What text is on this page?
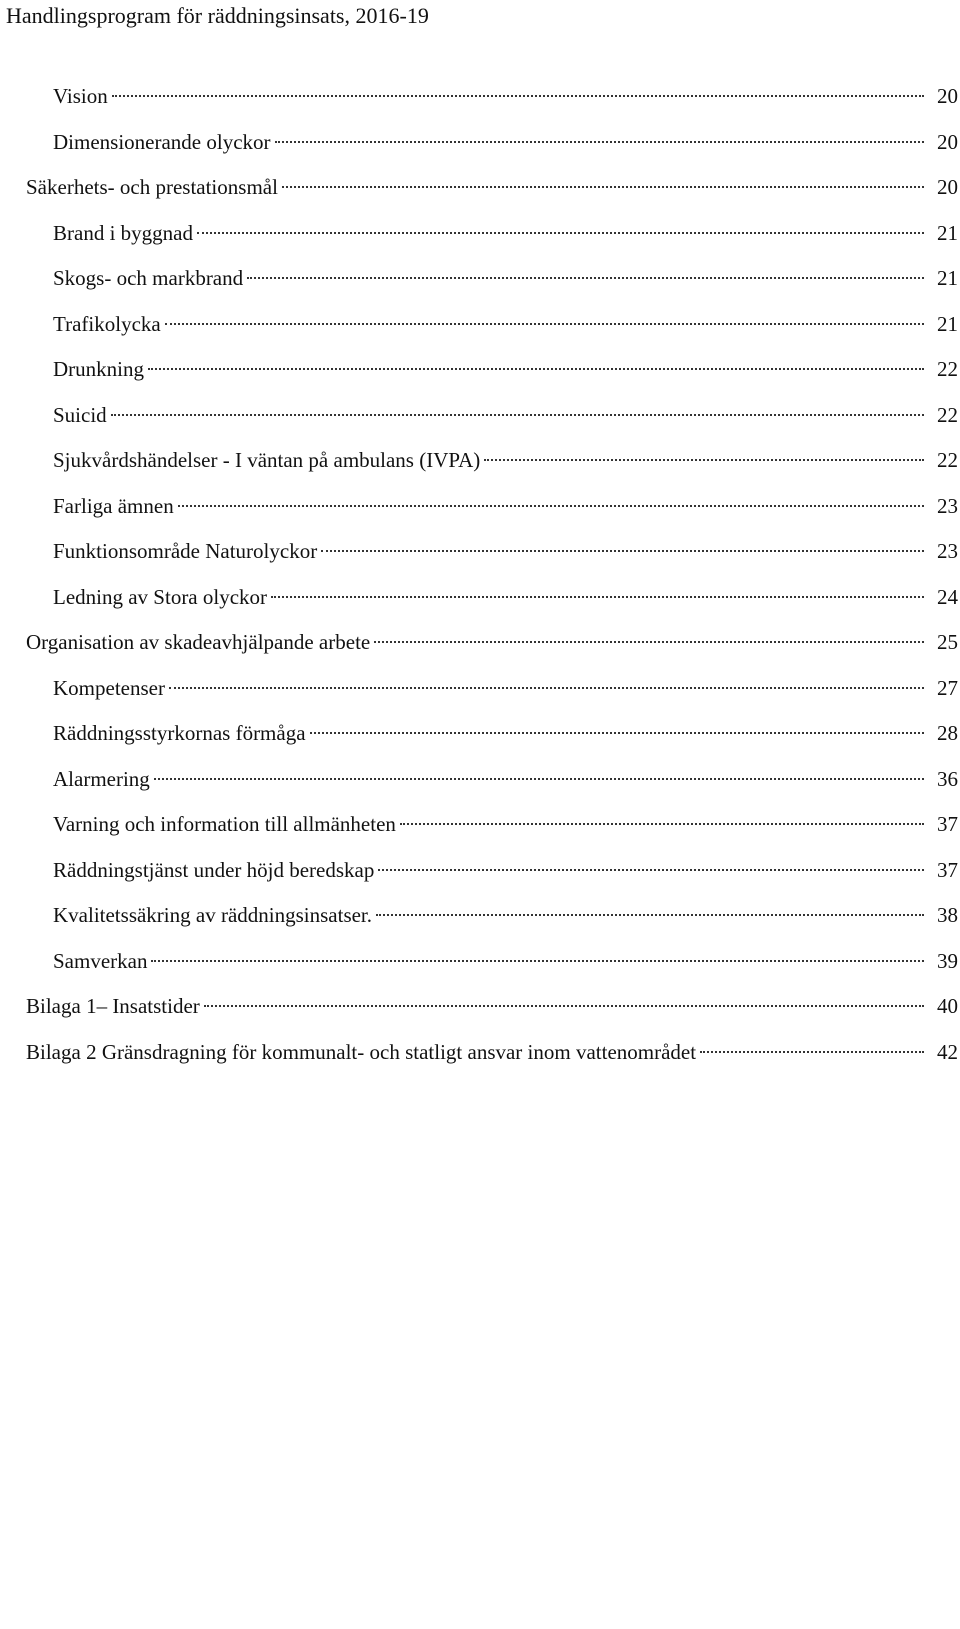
Handlingsprogram för räddningsinsats, 2016-19
Vision	20
Dimensionerande olyckor	20
Säkerhets- och prestationsmål	20
Brand i byggnad	21
Skogs- och markbrand	21
Trafikolycka	21
Drunkning	22
Suicid	22
Sjukvårdshändelser - I väntan på ambulans (IVPA)	22
Farliga ämnen	23
Funktionsområde Naturolyckor	23
Ledning av Stora olyckor	24
Organisation av skadeavhjälpande arbete	25
Kompetenser	27
Räddningsstyrkornas förmåga	28
Alarmering	36
Varning och information till allmänheten	37
Räddningstjänst under höjd beredskap	37
Kvalitetssäkring av räddningsinsatser.	38
Samverkan	39
Bilaga 1– Insatstider	40
Bilaga 2 Gränsdragning för kommunalt- och statligt ansvar inom vattenområdet	42
